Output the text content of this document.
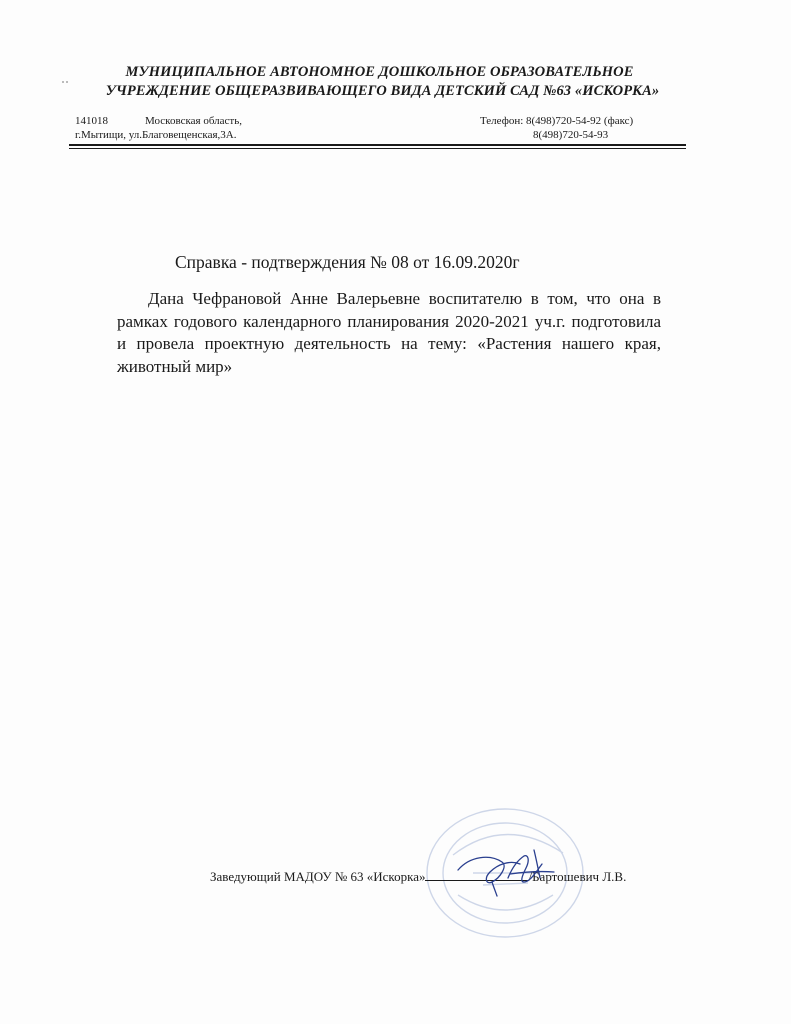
МУНИЦИПАЛЬНОЕ АВТОНОМНОЕ ДОШКОЛЬНОЕ ОБРАЗОВАТЕЛЬНОЕ
УЧРЕЖДЕНИЕ ОБЩЕРАЗВИВАЮЩЕГО ВИДА ДЕТСКИЙ САД №63 «ИСКОРКА»
141018	Московская область,
г.Мытищи, ул.Благовещенская,3А.
Телефон: 8(498)720-54-92 (факс)
8(498)720-54-93
Справка - подтверждения № 08 от 16.09.2020г

Дана Чефрановой Анне Валерьевне воспитателю в том, что она в рамках годового календарного планирования 2020-2021 уч.г. подготовила и провела проектную деятельность на тему: «Растения нашего края, животный мир»

Заведующий МАДОУ № 63 «Искорка»	/Бартошевич Л.В.
